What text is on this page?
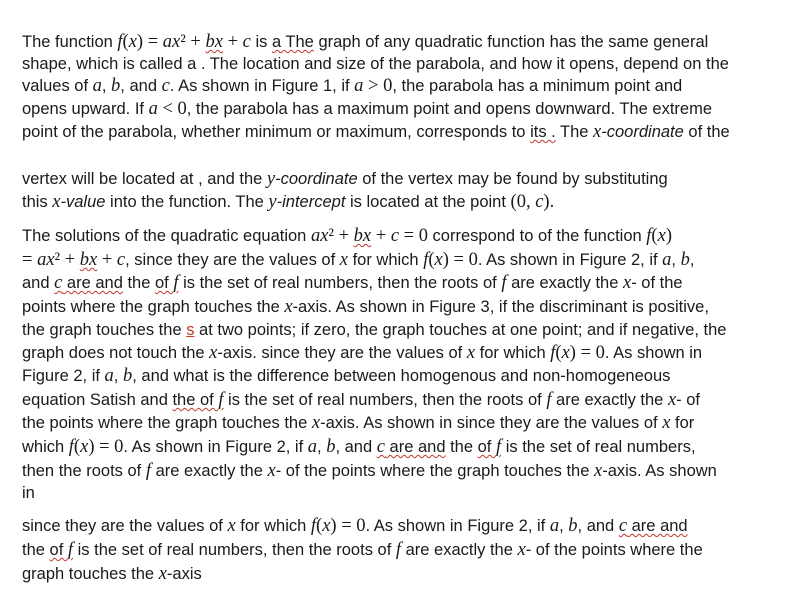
The function f(x) = ax² + bx + c is a The graph of any quadratic function has the same general
shape, which is called a . The location and size of the parabola, and how it opens, depend on the
values of a, b, and c. As shown in Figure 1, if a > 0, the parabola has a minimum point and
opens upward. If a < 0, the parabola has a maximum point and opens downward. The extreme
point of the parabola, whether minimum or maximum, corresponds to its . The x-coordinate of the
vertex will be located at , and the y-coordinate of the vertex may be found by substituting
this x-value into the function. The y-intercept is located at the point (0, c).
The solutions of the quadratic equation ax² + bx + c = 0 correspond to of the function f(x)
= ax² + bx + c, since they are the values of x for which f(x) = 0. As shown in Figure 2, if a, b,
and c are and the of f is the set of real numbers, then the roots of f are exactly the x- of the
points where the graph touches the x-axis. As shown in Figure 3, if the discriminant is positive,
the graph touches the s at two points; if zero, the graph touches at one point; and if negative, the
graph does not touch the x-axis. since they are the values of x for which f(x) = 0. As shown in
Figure 2, if a, b, and what is the difference between homogenous and non-homogeneous
equation Satish and the of f is the set of real numbers, then the roots of f are exactly the x- of
the points where the graph touches the x-axis. As shown in since they are the values of x for
which f(x) = 0. As shown in Figure 2, if a, b, and c are and the of f is the set of real numbers,
then the roots of f are exactly the x- of the points where the graph touches the x-axis. As shown
in
since they are the values of x for which f(x) = 0. As shown in Figure 2, if a, b, and c are and
the of f is the set of real numbers, then the roots of f are exactly the x- of the points where the
graph touches the x-axis
